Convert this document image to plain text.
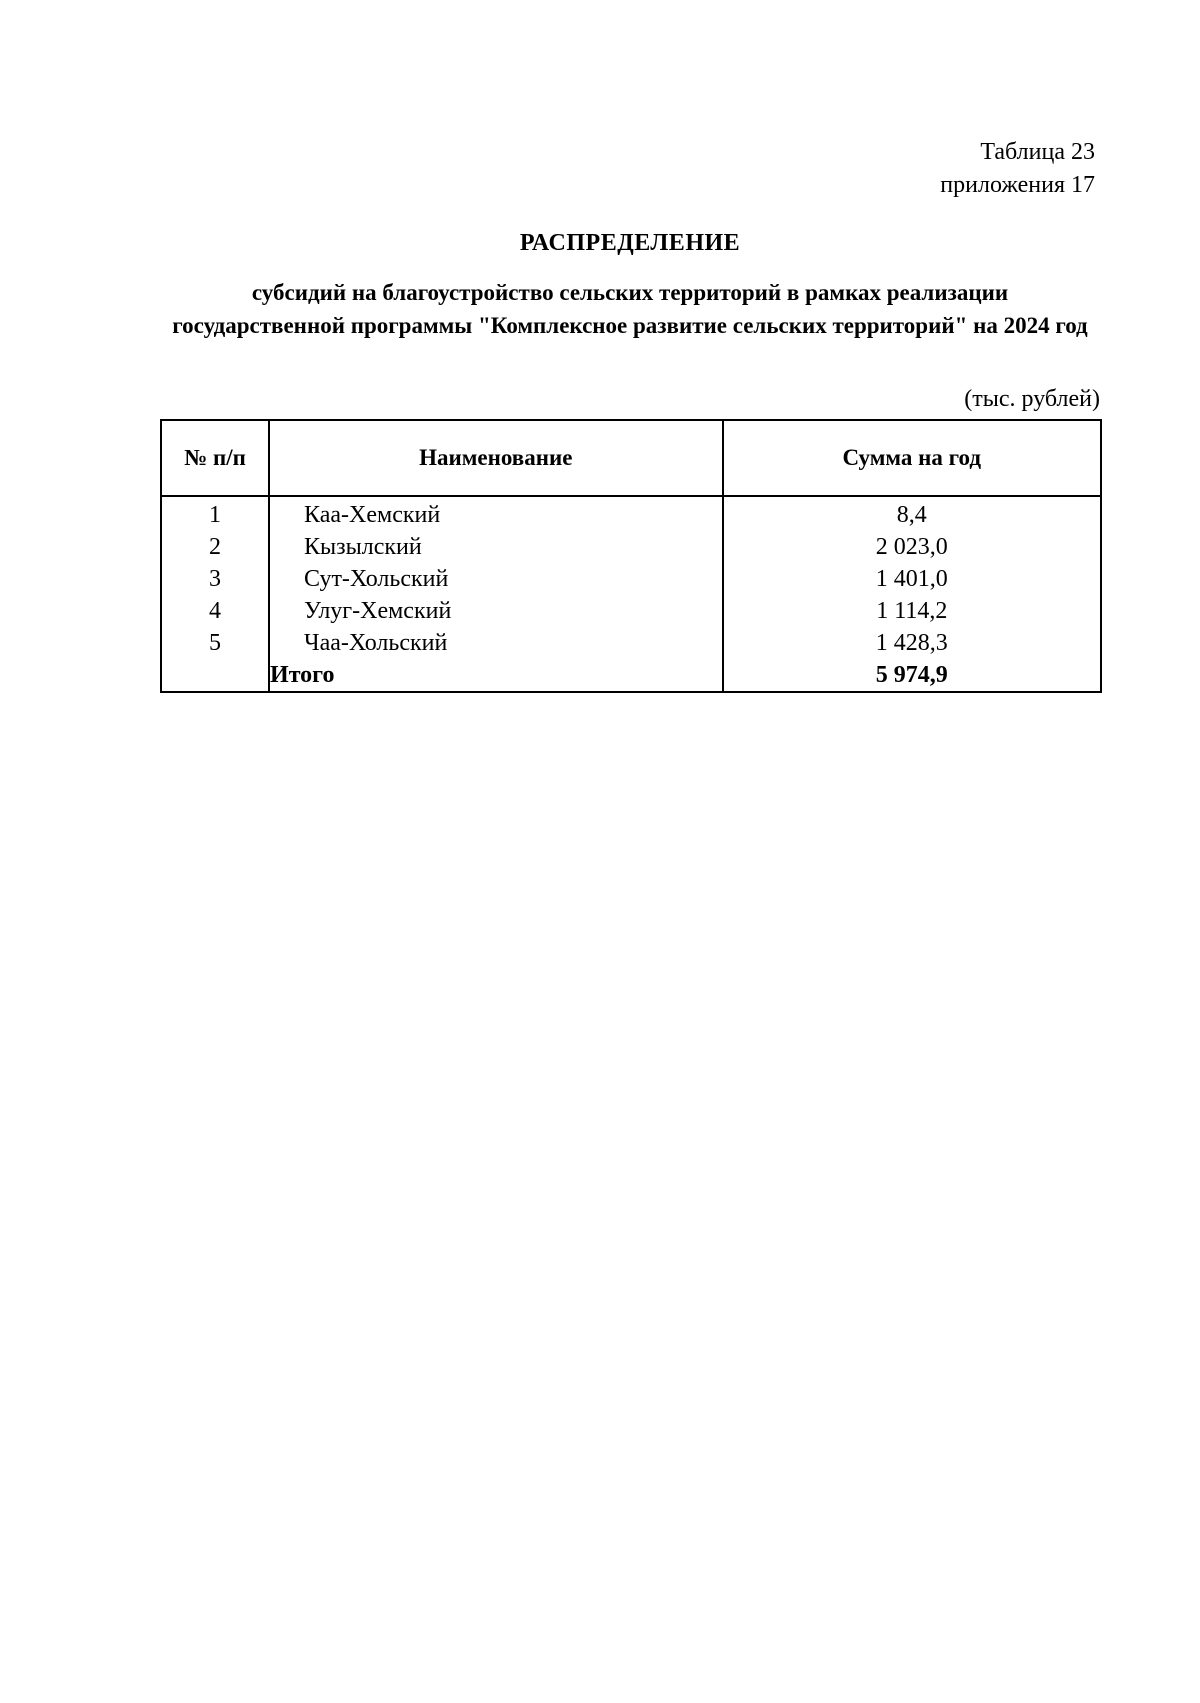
Таблица 23
приложения 17
РАСПРЕДЕЛЕНИЕ
субсидий на благоустройство сельских территорий в рамках реализации государственной программы "Комплексное развитие сельских территорий" на 2024 год
(тыс. рублей)
№ п/п	Наименование	Сумма на год
1	Каа-Хемский	8,4
2	Кызылский	2 023,0
3	Сут-Хольский	1 401,0
4	Улуг-Хемский	1 114,2
5	Чаа-Хольский	1 428,3
	Итого	5 974,9
